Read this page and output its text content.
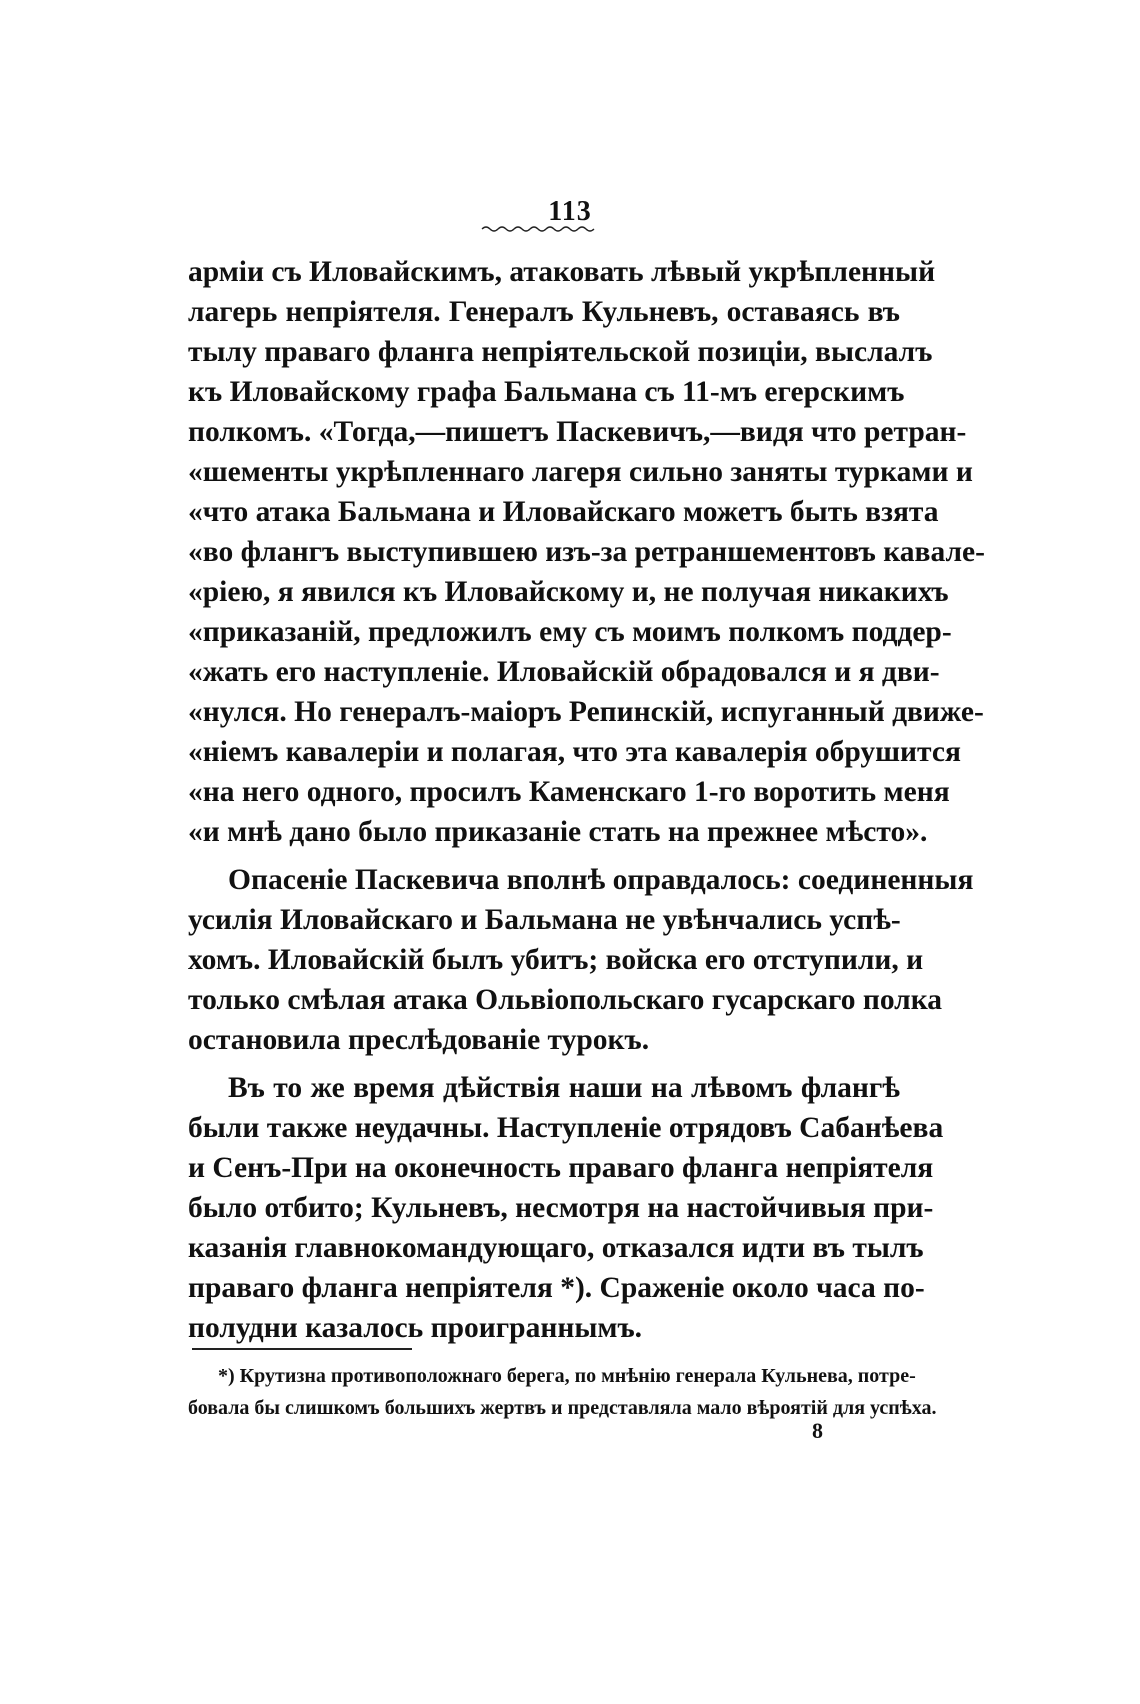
113
арміи съ Иловайскимъ, атаковать лѣвый укрѣпленный
лагерь непріятеля. Генералъ Кульневъ, оставаясь въ
тылу праваго фланга непріятельской позиціи, выслалъ
къ Иловайскому графа Бальмана съ 11-мъ егерскимъ
полкомъ. «Тогда,—пишетъ Паскевичъ,—видя что ретран-
«шементы укрѣпленнаго лагеря сильно заняты турками и
«что атака Бальмана и Иловайскаго можетъ быть взята
«во флангъ выступившею изъ-за ретраншементовъ кавале-
«ріею, я явился къ Иловайскому и, не получая никакихъ
«приказаній, предложилъ ему съ моимъ полкомъ поддер-
«жать его наступленіе. Иловайскій обрадовался и я дви-
«нулся. Но генералъ-маіоръ Репинскій, испуганный движе-
«ніемъ кавалеріи и полагая, что эта кавалерія обрушится
«на него одного, просилъ Каменскаго 1-го воротить меня
«и мнѣ дано было приказаніе стать на прежнее мѣсто».
Опасеніе Паскевича вполнѣ оправдалось: соединенныя
усилія Иловайскаго и Бальмана не увѣнчались успѣ-
хомъ. Иловайскій былъ убитъ; войска его отступили, и
только смѣлая атака Ольвіопольскаго гусарскаго полка
остановила преслѣдованіе турокъ.
Въ то же время дѣйствія наши на лѣвомъ флангѣ
были также неудачны. Наступленіе отрядовъ Сабанѣева
и Сенъ-При на оконечность праваго фланга непріятеля
было отбито; Кульневъ, несмотря на настойчивыя при-
казанія главнокомандующаго, отказался идти въ тылъ
праваго фланга непріятеля *). Сраженіе около часа по-
полудни казалось проиграннымъ.
*) Крутизна противоположнаго берега, по мнѣнію генерала Кульнева, потре-
бовала бы слишкомъ большихъ жертвъ и представляла мало вѣроятій для успѣха.
8
